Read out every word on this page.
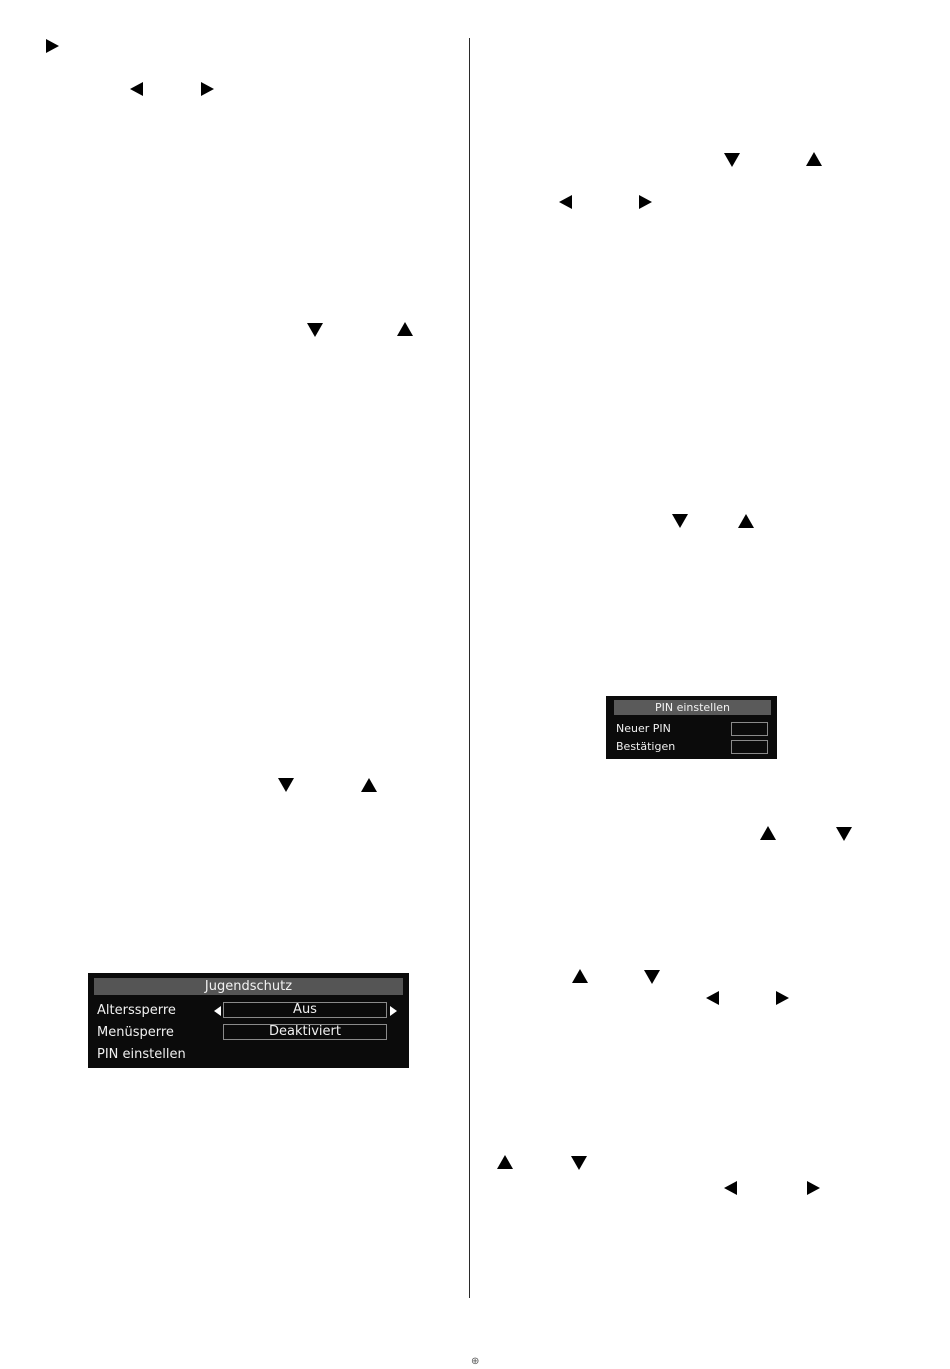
PIN einstellen
Neuer PIN
Bestätigen
Jugendschutz
Alterssperre	Aus
Menüsperre	Deaktiviert
PIN einstellen
⊕
